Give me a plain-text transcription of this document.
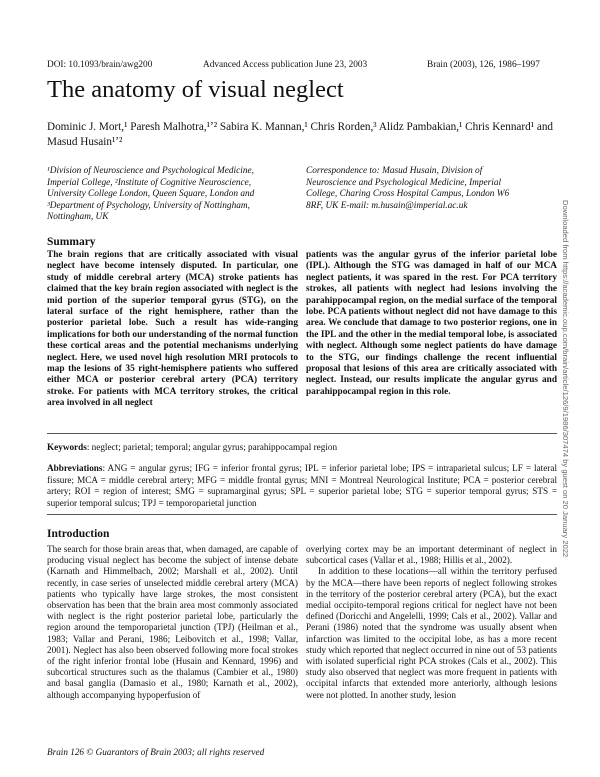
DOI: 10.1093/brain/awg200	Advanced Access publication June 23, 2003	Brain (2003), 126, 1986–1997
The anatomy of visual neglect
Dominic J. Mort,¹ Paresh Malhotra,¹ʼ² Sabira K. Mannan,¹ Chris Rorden,³ Alidz Pambakian,¹ Chris Kennard¹ and Masud Husain¹ʼ²
¹Division of Neuroscience and Psychological Medicine, Imperial College, ²Institute of Cognitive Neuroscience, University College London, Queen Square, London and ³Department of Psychology, University of Nottingham, Nottingham, UK
Correspondence to: Masud Husain, Division of Neuroscience and Psychological Medicine, Imperial College, Charing Cross Hospital Campus, London W6 8RF, UK E-mail: m.husain@imperial.ac.uk
Summary
The brain regions that are critically associated with visual neglect have become intensely disputed. In particular, one study of middle cerebral artery (MCA) stroke patients has claimed that the key brain region associated with neglect is the mid portion of the superior temporal gyrus (STG), on the lateral surface of the right hemisphere, rather than the posterior parietal lobe. Such a result has wide-ranging implications for both our understanding of the normal function these cortical areas and the potential mechanisms underlying neglect. Here, we used novel high resolution MRI protocols to map the lesions of 35 right-hemisphere patients who suffered either MCA or posterior cerebral artery (PCA) territory stroke. For patients with MCA territory strokes, the critical area involved in all neglect
patients was the angular gyrus of the inferior parietal lobe (IPL). Although the STG was damaged in half of our MCA neglect patients, it was spared in the rest. For PCA territory strokes, all patients with neglect had lesions involving the parahippocampal region, on the medial surface of the temporal lobe. PCA patients without neglect did not have damage to this area. We conclude that damage to two posterior regions, one in the IPL and the other in the medial temporal lobe, is associated with neglect. Although some neglect patients do have damage to the STG, our findings challenge the recent influential proposal that lesions of this area are critically associated with neglect. Instead, our results implicate the angular gyrus and parahippocampal region in this role.
Keywords: neglect; parietal; temporal; angular gyrus; parahippocampal region
Abbreviations: ANG = angular gyrus; IFG = inferior frontal gyrus; IPL = inferior parietal lobe; IPS = intraparietal sulcus; LF = lateral fissure; MCA = middle cerebral artery; MFG = middle frontal gyrus; MNI = Montreal Neurological Institute; PCA = posterior cerebral artery; ROI = region of interest; SMG = supramarginal gyrus; SPL = superior parietal lobe; STG = superior temporal gyrus; STS = superior temporal sulcus; TPJ = temporoparietal junction
Introduction

The search for those brain areas that, when damaged, are capable of producing visual neglect has become the subject of intense debate (Karnath and Himmelbach, 2002; Marshall et al., 2002). Until recently, in case series of unselected middle cerebral artery (MCA) patients who typically have large strokes, the most consistent observation has been that the brain area most commonly associated with neglect is the right posterior parietal lobe, particularly the region around the temporoparietal junction (TPJ) (Heilman et al., 1983; Vallar and Perani, 1986; Leibovitch et al., 1998; Vallar, 2001). Neglect has also been observed following more focal strokes of the right inferior frontal lobe (Husain and Kennard, 1996) and subcortical structures such as the thalamus (Cambier et al., 1980) and basal ganglia (Damasio et al., 1980; Karnath et al., 2002), although accompanying hypoperfusion of

overlying cortex may be an important determinant of neglect in subcortical cases (Vallar et al., 1988; Hillis et al., 2002).

In addition to these locations—all within the territory perfused by the MCA—there have been reports of neglect following strokes in the territory of the posterior cerebral artery (PCA), but the exact medial occipito-temporal regions critical for neglect have not been defined (Doricchi and Angelelli, 1999; Cals et al., 2002). Vallar and Perani (1986) noted that the syndrome was usually absent when infarction was limited to the occipital lobe, as has a more recent study which reported that neglect occurred in nine out of 53 patients with isolated superficial right PCA strokes (Cals et al., 2002). This study also observed that neglect was more frequent in patients with occipital infarcts that extended more anteriorly, although lesions were not plotted. In another study, lesion

Brain 126 © Guarantors of Brain 2003; all rights reserved
Downloaded from https://academic.oup.com/brain/article/126/9/1986/307474 by guest on 20 January 2022
